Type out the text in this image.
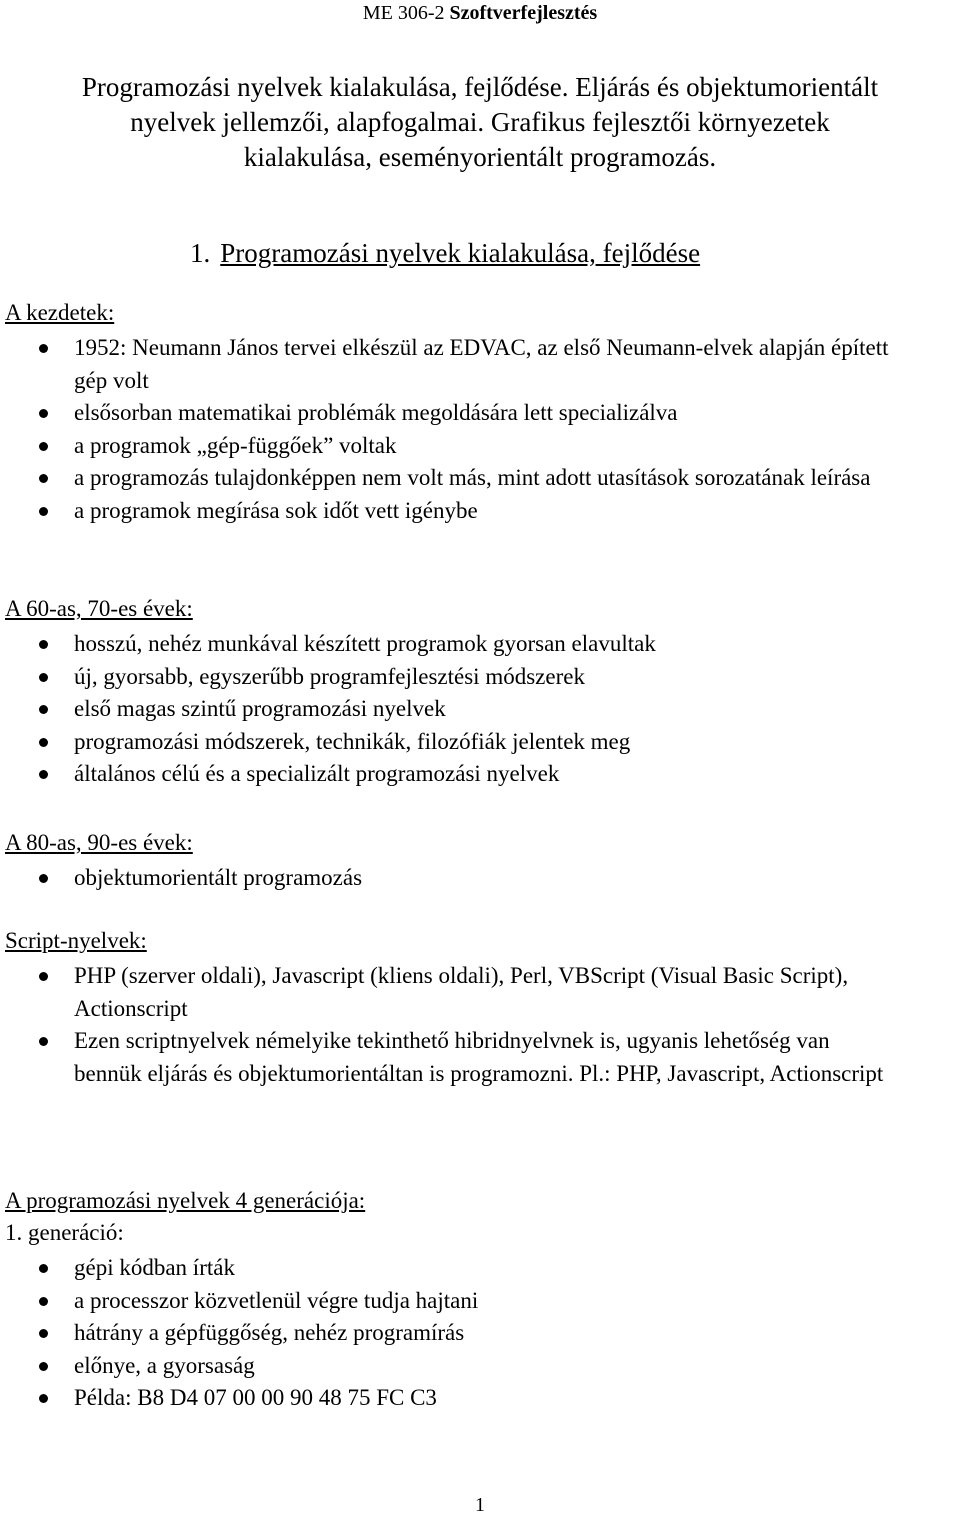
ME 306-2 Szoftverfejlesztés
Programozási nyelvek kialakulása, fejlődése. Eljárás és objektumorientált
nyelvek jellemzői, alapfogalmai. Grafikus fejlesztői környezetek
kialakulása, eseményorientált programozás.
1. Programozási nyelvek kialakulása, fejlődése
A kezdetek:
1952: Neumann János tervei elkészül az EDVAC, az első Neumann-elvek alapján épített gép volt
elsősorban matematikai problémák megoldására lett specializálva
a programok „gép-függőek” voltak
a programozás tulajdonképpen nem volt más, mint adott utasítások sorozatának leírása
a programok megírása sok időt vett igénybe
A 60-as, 70-es évek:
hosszú, nehéz munkával készített programok gyorsan elavultak
új, gyorsabb, egyszerűbb programfejlesztési módszerek
első magas szintű programozási nyelvek
programozási módszerek, technikák, filozófiák jelentek meg
általános célú és a specializált programozási nyelvek
A 80-as, 90-es évek:
objektumorientált programozás
Script-nyelvek:
PHP (szerver oldali), Javascript (kliens oldali), Perl, VBScript (Visual Basic Script), Actionscript
Ezen scriptnyelvek némelyike tekinthető hibridnyelvnek is, ugyanis lehetőség van bennük eljárás és objektumorientáltan is programozni. Pl.: PHP, Javascript, Actionscript
A programozási nyelvek 4 generációja:
1. generáció:
gépi kódban írták
a processzor közvetlenül végre tudja hajtani
hátrány a gépfüggőség, nehéz programírás
előnye, a gyorsaság
Példa: B8 D4 07 00 00 90 48 75 FC C3
1
